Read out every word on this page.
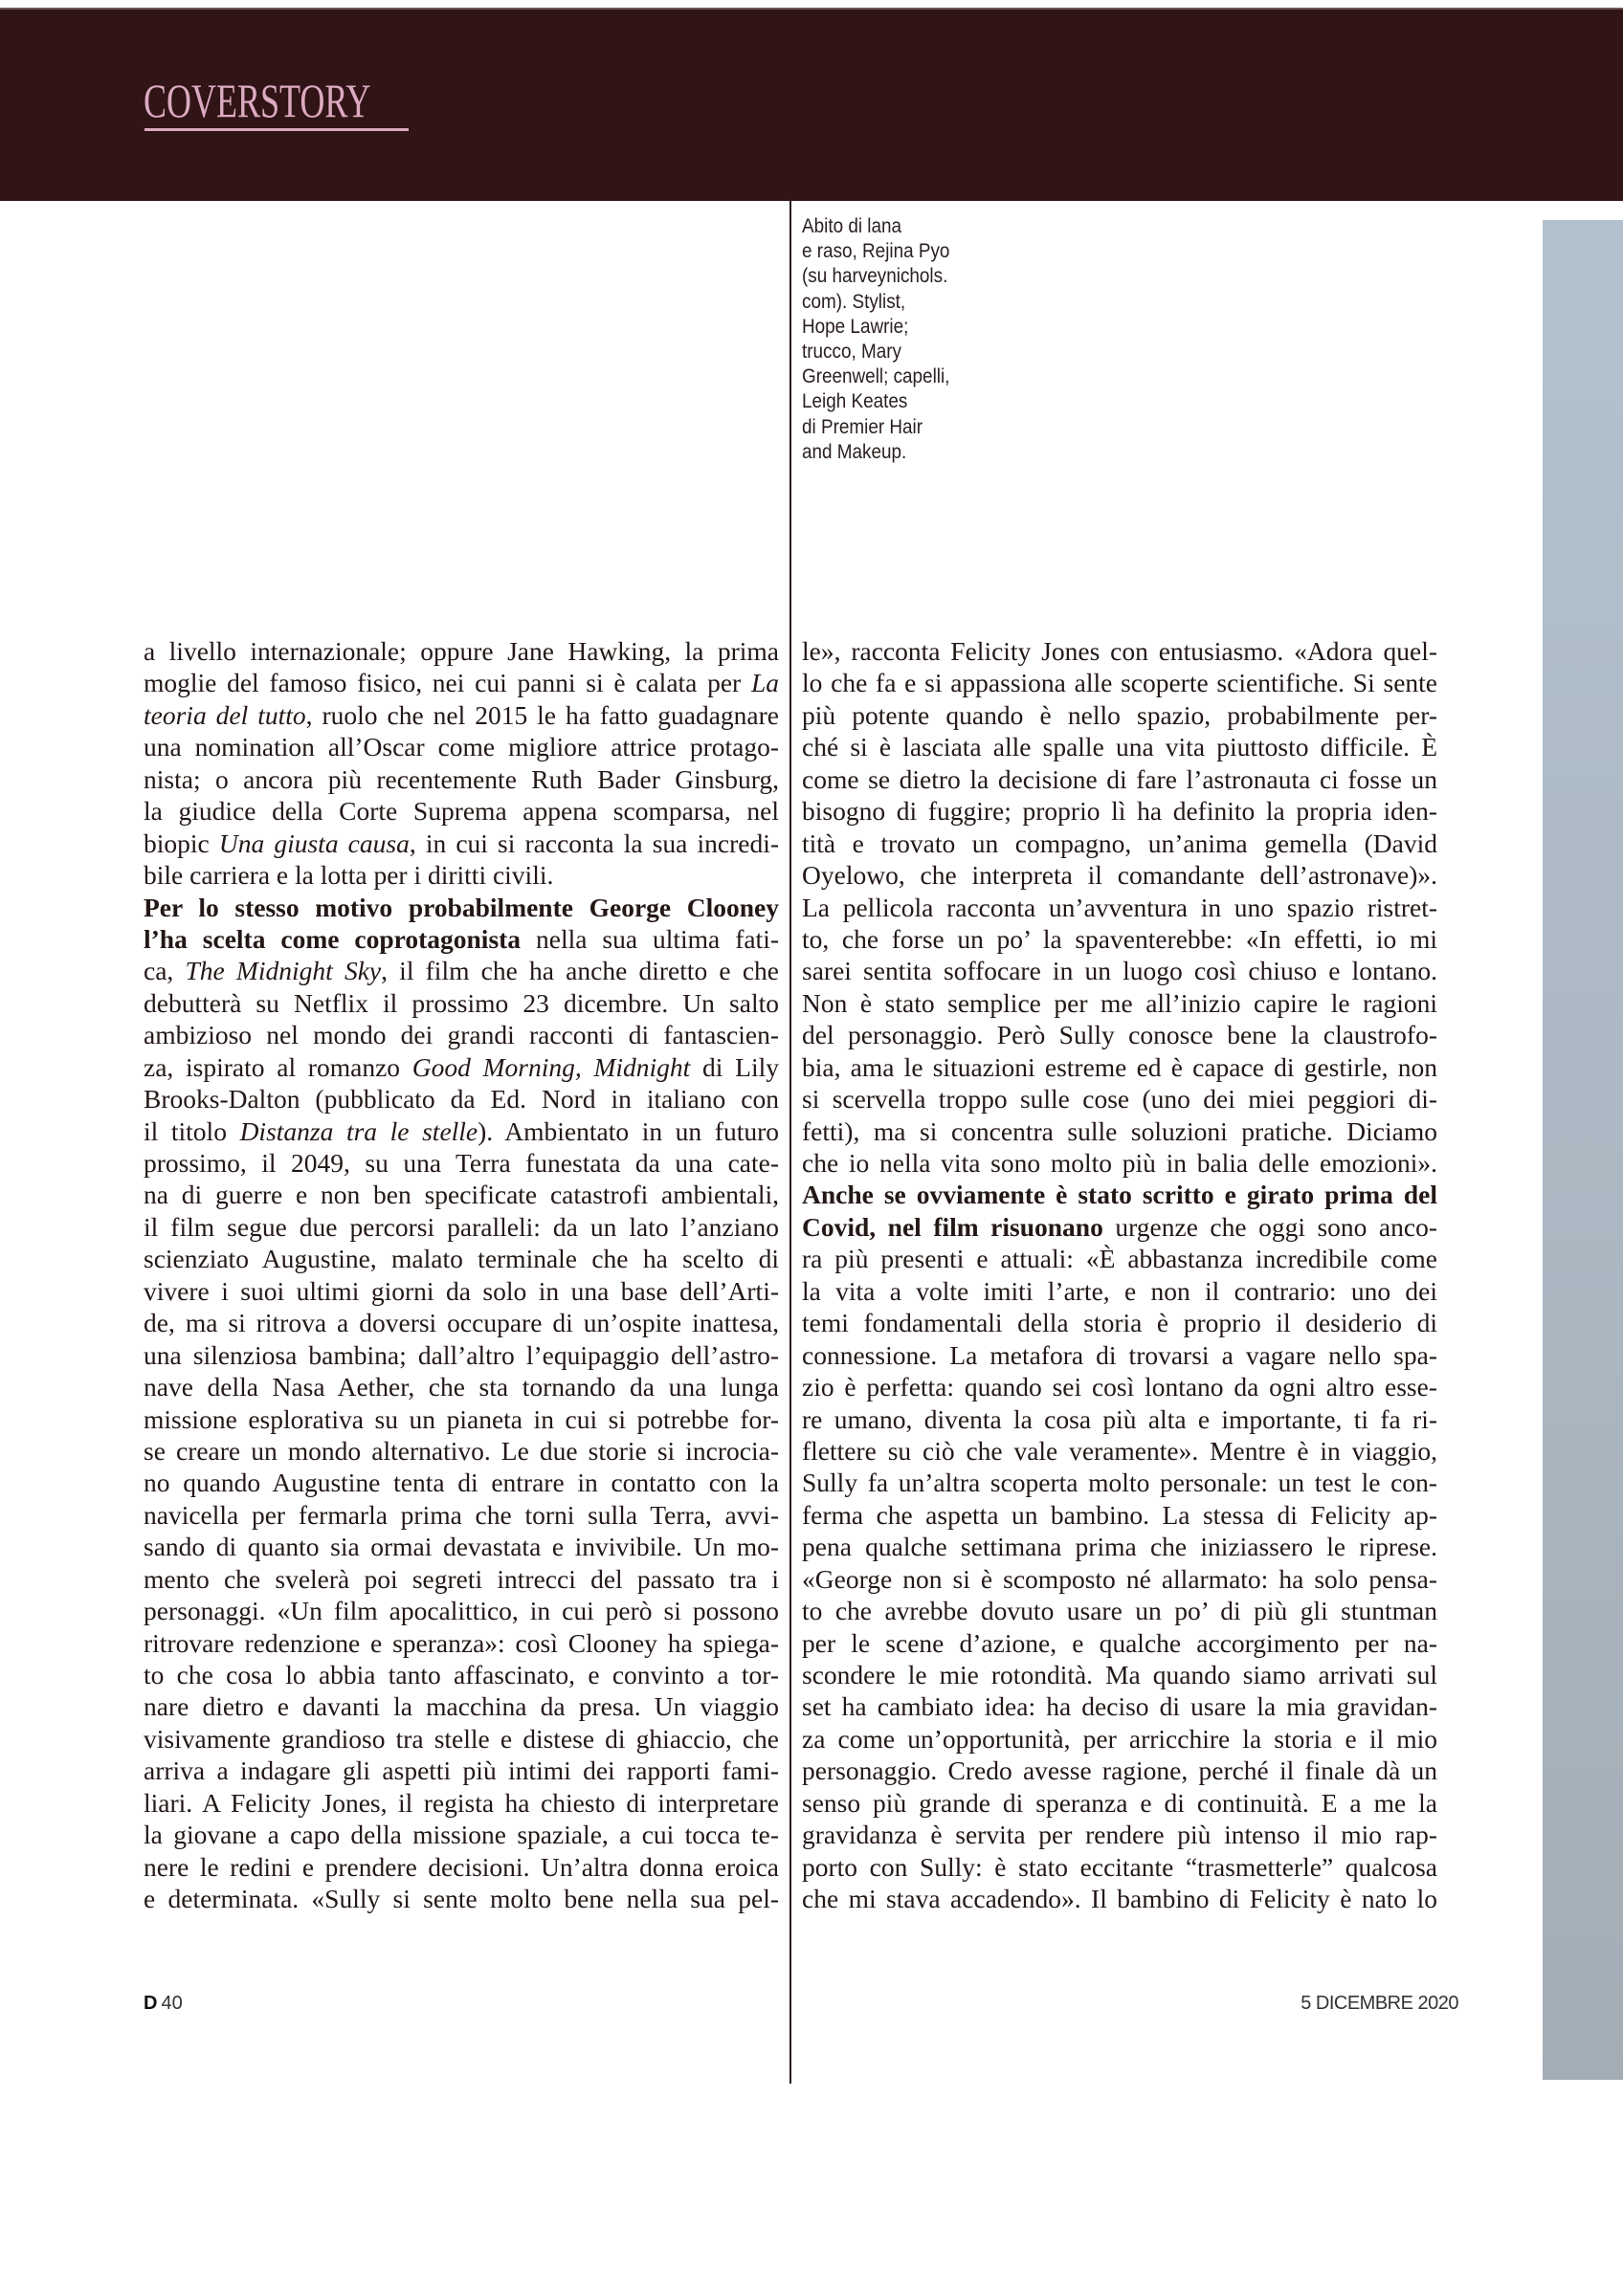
COVERSTORY
Abito di lana
e raso, Rejina Pyo
(su harveynichols.
com). Stylist,
Hope Lawrie;
trucco, Mary
Greenwell; capelli,
Leigh Keates
di Premier Hair
and Makeup.
a livello internazionale; oppure Jane Hawking, la prima
moglie del famoso fisico, nei cui panni si è calata per La
teoria del tutto, ruolo che nel 2015 le ha fatto guadagnare
una nomination all’Oscar come migliore attrice protago-
nista; o ancora più recentemente Ruth Bader Ginsburg,
la giudice della Corte Suprema appena scomparsa, nel
biopic Una giusta causa, in cui si racconta la sua incredi-
bile carriera e la lotta per i diritti civili.
Per lo stesso motivo probabilmente George Clooney
l’ha scelta come coprotagonista nella sua ultima fati-
ca, The Midnight Sky, il film che ha anche diretto e che
debutterà su Netflix il prossimo 23 dicembre. Un salto
ambizioso nel mondo dei grandi racconti di fantascien-
za, ispirato al romanzo Good Morning, Midnight di Lily
Brooks-Dalton (pubblicato da Ed. Nord in italiano con
il titolo Distanza tra le stelle). Ambientato in un futuro
prossimo, il 2049, su una Terra funestata da una cate-
na di guerre e non ben specificate catastrofi ambientali,
il film segue due percorsi paralleli: da un lato l’anziano
scienziato Augustine, malato terminale che ha scelto di
vivere i suoi ultimi giorni da solo in una base dell’Arti-
de, ma si ritrova a doversi occupare di un’ospite inattesa,
una silenziosa bambina; dall’altro l’equipaggio dell’astro-
nave della Nasa Aether, che sta tornando da una lunga
missione esplorativa su un pianeta in cui si potrebbe for-
se creare un mondo alternativo. Le due storie si incrocia-
no quando Augustine tenta di entrare in contatto con la
navicella per fermarla prima che torni sulla Terra, avvi-
sando di quanto sia ormai devastata e invivibile. Un mo-
mento che svelerà poi segreti intrecci del passato tra i
personaggi. «Un film apocalittico, in cui però si possono
ritrovare redenzione e speranza»: così Clooney ha spiega-
to che cosa lo abbia tanto affascinato, e convinto a tor-
nare dietro e davanti la macchina da presa. Un viaggio
visivamente grandioso tra stelle e distese di ghiaccio, che
arriva a indagare gli aspetti più intimi dei rapporti fami-
liari. A Felicity Jones, il regista ha chiesto di interpretare
la giovane a capo della missione spaziale, a cui tocca te-
nere le redini e prendere decisioni. Un’altra donna eroica
e determinata. «Sully si sente molto bene nella sua pel-
le», racconta Felicity Jones con entusiasmo. «Adora quel-
lo che fa e si appassiona alle scoperte scientifiche. Si sente
più potente quando è nello spazio, probabilmente per-
ché si è lasciata alle spalle una vita piuttosto difficile. È
come se dietro la decisione di fare l’astronauta ci fosse un
bisogno di fuggire; proprio lì ha definito la propria iden-
tità e trovato un compagno, un’anima gemella (David
Oyelowo, che interpreta il comandante dell’astronave)».
La pellicola racconta un’avventura in uno spazio ristret-
to, che forse un po’ la spaventerebbe: «In effetti, io mi
sarei sentita soffocare in un luogo così chiuso e lontano.
Non è stato semplice per me all’inizio capire le ragioni
del personaggio. Però Sully conosce bene la claustrofo-
bia, ama le situazioni estreme ed è capace di gestirle, non
si scervella troppo sulle cose (uno dei miei peggiori di-
fetti), ma si concentra sulle soluzioni pratiche. Diciamo
che io nella vita sono molto più in balia delle emozioni».
Anche se ovviamente è stato scritto e girato prima del
Covid, nel film risuonano urgenze che oggi sono anco-
ra più presenti e attuali: «È abbastanza incredibile come
la vita a volte imiti l’arte, e non il contrario: uno dei
temi fondamentali della storia è proprio il desiderio di
connessione. La metafora di trovarsi a vagare nello spa-
zio è perfetta: quando sei così lontano da ogni altro esse-
re umano, diventa la cosa più alta e importante, ti fa ri-
flettere su ciò che vale veramente». Mentre è in viaggio,
Sully fa un’altra scoperta molto personale: un test le con-
ferma che aspetta un bambino. La stessa di Felicity ap-
pena qualche settimana prima che iniziassero le riprese.
«George non si è scomposto né allarmato: ha solo pensa-
to che avrebbe dovuto usare un po’ di più gli stuntman
per le scene d’azione, e qualche accorgimento per na-
scondere le mie rotondità. Ma quando siamo arrivati sul
set ha cambiato idea: ha deciso di usare la mia gravidan-
za come un’opportunità, per arricchire la storia e il mio
personaggio. Credo avesse ragione, perché il finale dà un
senso più grande di speranza e di continuità. E a me la
gravidanza è servita per rendere più intenso il mio rap-
porto con Sully: è stato eccitante “trasmetterle” qualcosa
che mi stava accadendo». Il bambino di Felicity è nato lo
D 40	5 DICEMBRE 2020
